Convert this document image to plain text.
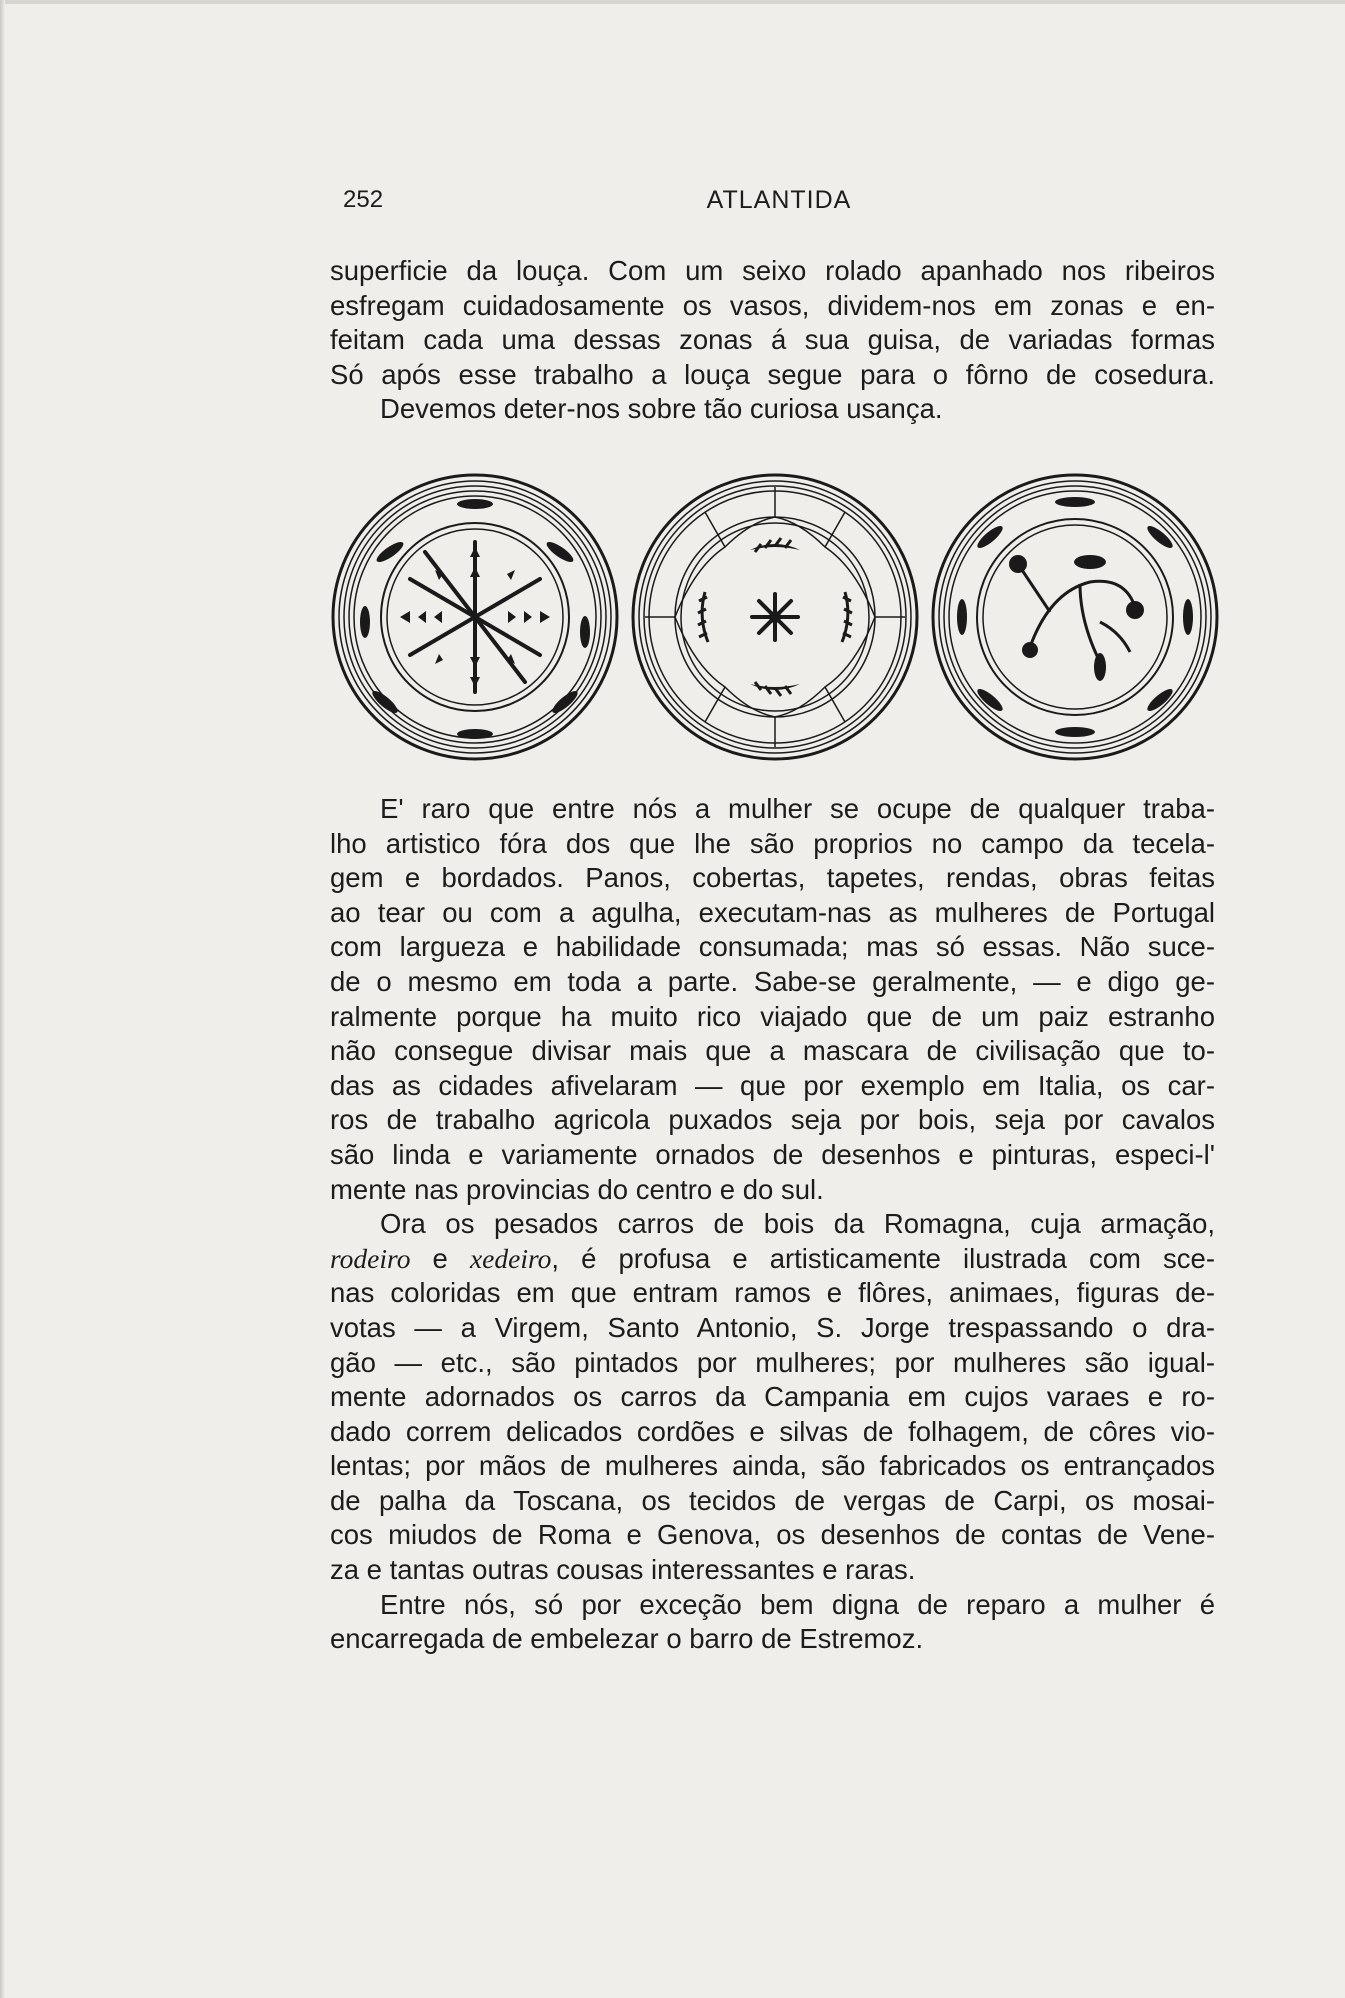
252	ATLANTIDA
superficie da louça. Com um seixo rolado apanhado nos ribeiros
esfregam cuidadosamente os vasos, dividem-nos em zonas e en-
feitam cada uma dessas zonas á sua guisa, de variadas formas
Só após esse trabalho a louça segue para o fôrno de cosedura.
Devemos deter-nos sobre tão curiosa usança.
E' raro que entre nós a mulher se ocupe de qualquer traba-
lho artistico fóra dos que lhe são proprios no campo da tecela-
gem e bordados. Panos, cobertas, tapetes, rendas, obras feitas
ao tear ou com a agulha, executam-nas as mulheres de Portugal
com largueza e habilidade consumada; mas só essas. Não suce-
de o mesmo em toda a parte. Sabe-se geralmente, — e digo ge-
ralmente porque ha muito rico viajado que de um paiz estranho
não consegue divisar mais que a mascara de civilisação que to-
das as cidades afivelaram — que por exemplo em Italia, os car-
ros de trabalho agricola puxados seja por bois, seja por cavalos
são linda e variamente ornados de desenhos e pinturas, especi-l'
mente nas provincias do centro e do sul.
Ora os pesados carros de bois da Romagna, cuja armação,
rodeiro e xedeiro, é profusa e artisticamente ilustrada com sce-
nas coloridas em que entram ramos e flôres, animaes, figuras de-
votas — a Virgem, Santo Antonio, S. Jorge trespassando o dra-
gão — etc., são pintados por mulheres; por mulheres são igual-
mente adornados os carros da Campania em cujos varaes e ro-
dado correm delicados cordões e silvas de folhagem, de côres vio-
lentas; por mãos de mulheres ainda, são fabricados os entrançados
de palha da Toscana, os tecidos de vergas de Carpi, os mosai-
cos miudos de Roma e Genova, os desenhos de contas de Vene-
za e tantas outras cousas interessantes e raras.
Entre nós, só por exceção bem digna de reparo a mulher é
encarregada de embelezar o barro de Estremoz.
